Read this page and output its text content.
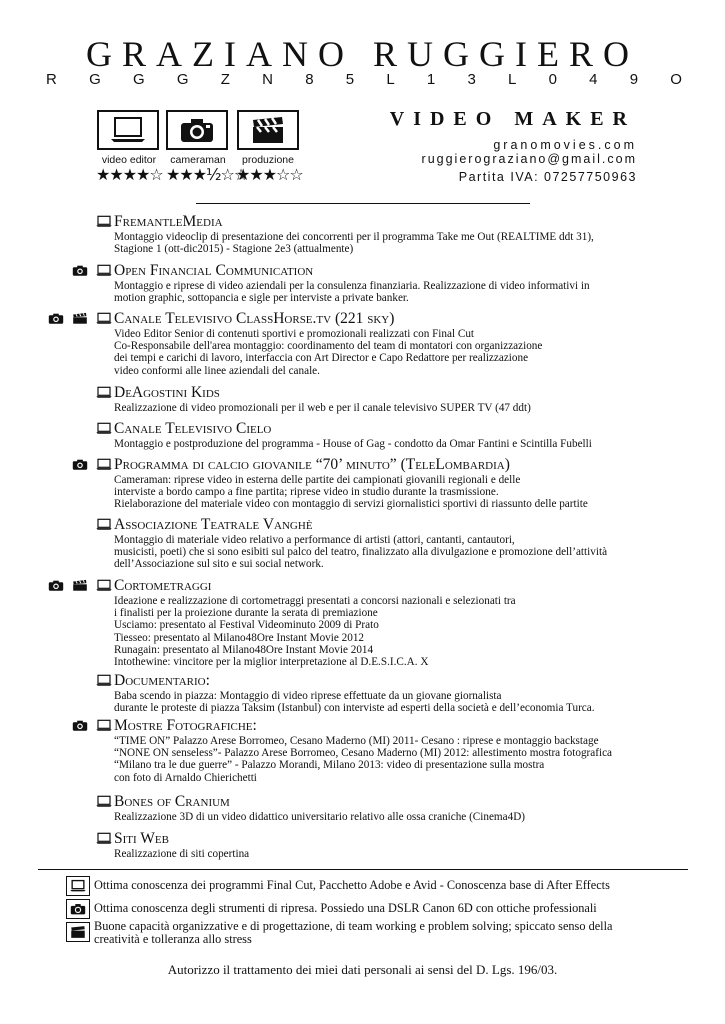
GRAZIANO RUGGIERO
R G G G Z N 8 5 L 1 3 L 0 4 9 O
video editor	cameraman	produzione
★★★★☆ ★★★½☆☆
★★★☆☆
VIDEO MAKER
granomovies.com
ruggierograziano@gmail.com
Partita IVA: 07257750963
FremantleMedia
Montaggio videoclip di presentazione dei concorrenti per il programma Take me Out (REALTIME ddt 31),
Stagione 1 (ott-dic2015) - Stagione 2e3 (attualmente)
Open Financial Communication
Montaggio e riprese di video aziendali per la consulenza finanziaria. Realizzazione di video informativi in
motion graphic, sottopancia e sigle per interviste a private banker.
Canale Televisivo ClassHorse.tv (221 sky)
Video Editor Senior di contenuti sportivi e promozionali realizzati con Final Cut
Co-Responsabile dell'area montaggio: coordinamento del team di montatori con organizzazione
dei tempi e carichi di lavoro, interfaccia con Art Director e Capo Redattore per realizzazione
video conformi alle linee aziendali del canale.
DeAgostini Kids
Realizzazione di video promozionali per il web e per il canale televisivo SUPER TV (47 ddt)
Canale Televisivo Cielo
Montaggio e postproduzione del programma - House of Gag - condotto da Omar Fantini e Scintilla Fubelli
Programma di calcio giovanile “70’ minuto” (TeleLombardia)
Cameraman: riprese video in esterna delle partite dei campionati giovanili regionali e delle
interviste a bordo campo a fine partita; riprese video in studio durante la trasmissione.
Rielaborazione del materiale video con montaggio di servizi giornalistici sportivi di riassunto delle partite
Associazione Teatrale Vanghè
Montaggio di materiale video relativo a performance di artisti (attori, cantanti, cantautori,
musicisti, poeti) che si sono esibiti sul palco del teatro, finalizzato alla divulgazione e promozione dell’attività
dell’Associazione sul sito e sui social network.
Cortometraggi
Ideazione e realizzazione di cortometraggi presentati a concorsi nazionali e selezionati tra
i finalisti per la proiezione durante la serata di premiazione
Usciamo: presentato al Festival Videominuto 2009 di Prato
Tiesseo: presentato al Milano48Ore Instant Movie 2012
Runagain: presentato al Milano48Ore Instant Movie 2014
Intothewine: vincitore per la miglior interpretazione al D.E.S.I.C.A. X
Documentario:
Baba scendo in piazza: Montaggio di video riprese effettuate da un giovane giornalista
durante le proteste di piazza Taksim (Istanbul) con interviste ad esperti della società e dell’economia Turca.
Mostre Fotografiche:
“TIME ON” Palazzo Arese Borromeo, Cesano Maderno (MI) 2011- Cesano : riprese e montaggio backstage
“NONE ON senseless”- Palazzo Arese Borromeo, Cesano Maderno (MI) 2012: allestimento mostra fotografica
“Milano tra le due guerre” - Palazzo Morandi, Milano 2013: video di presentazione sulla mostra
con foto di Arnaldo Chierichetti
Bones of Cranium
Realizzazione 3D di un video didattico universitario relativo alle ossa craniche (Cinema4D)
Siti Web
Realizzazione di siti copertina
Ottima conoscenza dei programmi Final Cut, Pacchetto Adobe e Avid - Conoscenza base di After Effects
Ottima conoscenza degli strumenti di ripresa. Possiedo una DSLR Canon 6D con ottiche professionali
Buone capacità organizzative e di progettazione, di team working e problem solving; spiccato senso della creatività e tolleranza allo stress
Autorizzo il trattamento dei miei dati personali ai sensi del D. Lgs. 196/03.
